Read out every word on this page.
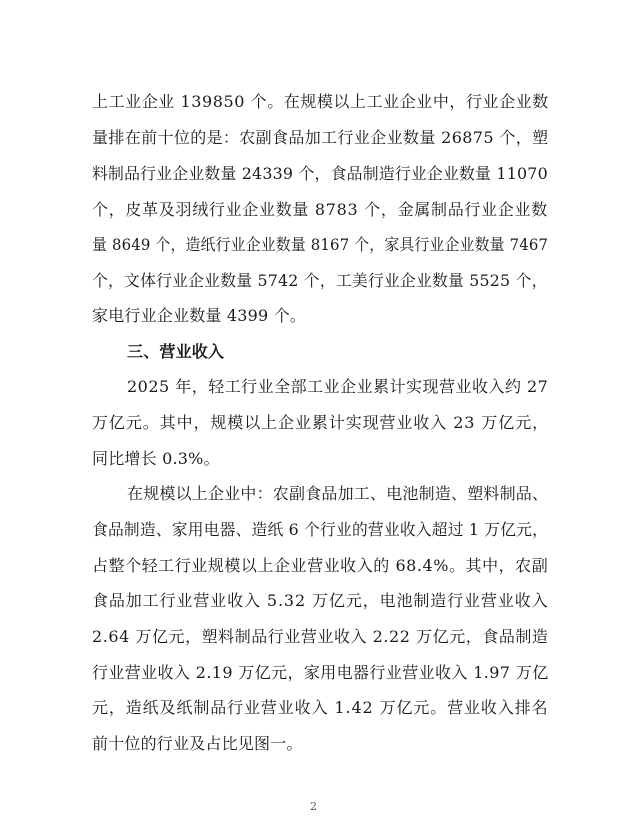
上工业企业 139850 个。在规模以上工业企业中，行业企业数
量排在前十位的是：农副食品加工行业企业数量 26875 个，塑
料制品行业企业数量 24339 个，食品制造行业企业数量 11070
个，皮革及羽绒行业企业数量 8783 个，金属制品行业企业数
量 8649 个，造纸行业企业数量 8167 个，家具行业企业数量 7467
个，文体行业企业数量 5742 个，工美行业企业数量 5525 个，
家电行业企业数量 4399 个。
三、营业收入
2025 年，轻工行业全部工业企业累计实现营业收入约 27
万亿元。其中，规模以上企业累计实现营业收入 23 万亿元，
同比增长 0.3%。
在规模以上企业中：农副食品加工、电池制造、塑料制品、
食品制造、家用电器、造纸 6 个行业的营业收入超过 1 万亿元，
占整个轻工行业规模以上企业营业收入的 68.4%。其中，农副
食品加工行业营业收入 5.32 万亿元，电池制造行业营业收入
2.64 万亿元，塑料制品行业营业收入 2.22 万亿元，食品制造
行业营业收入 2.19 万亿元，家用电器行业营业收入 1.97 万亿
元，造纸及纸制品行业营业收入 1.42 万亿元。营业收入排名
前十位的行业及占比见图一。
2
